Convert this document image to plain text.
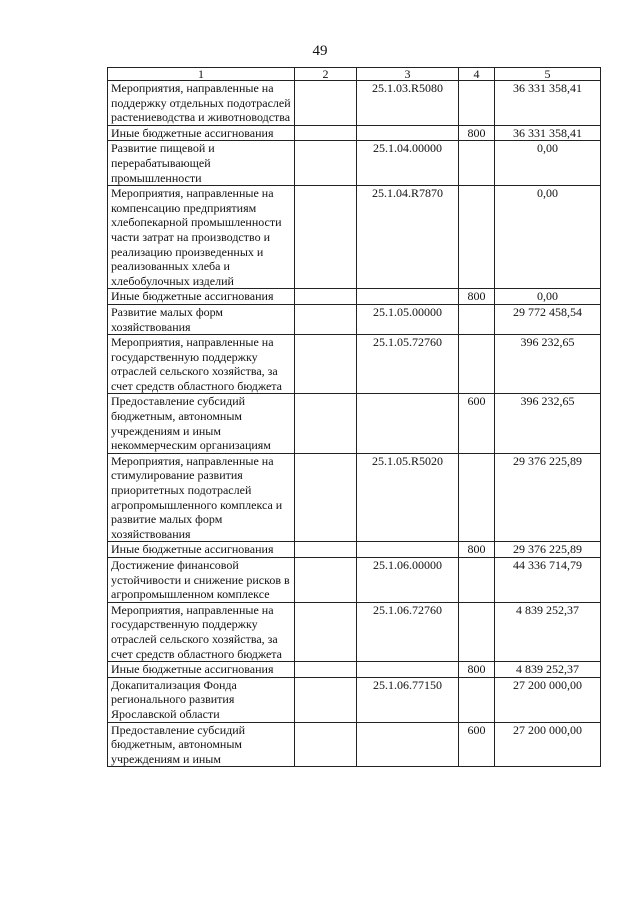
49
1	2	3	4	5
Мероприятия, направленные на поддержку отдельных подотраслей растениеводства и животноводства		25.1.03.R5080		36 331 358,41
Иные бюджетные ассигнования			800	36 331 358,41
Развитие пищевой и перерабатывающей промышленности		25.1.04.00000		0,00
Мероприятия, направленные на компенсацию предприятиям хлебопекарной промышленности части затрат на производство и реализацию произведенных и реализованных хлеба и хлебобулочных изделий		25.1.04.R7870		0,00
Иные бюджетные ассигнования			800	0,00
Развитие малых форм хозяйствования		25.1.05.00000		29 772 458,54
Мероприятия, направленные на государственную поддержку отраслей сельского хозяйства, за счет средств областного бюджета		25.1.05.72760		396 232,65
Предоставление субсидий бюджетным, автономным учреждениям и иным некоммерческим организациям			600	396 232,65
Мероприятия, направленные на стимулирование развития приоритетных подотраслей агропромышленного комплекса и развитие малых форм хозяйствования		25.1.05.R5020		29 376 225,89
Иные бюджетные ассигнования			800	29 376 225,89
Достижение финансовой устойчивости и снижение рисков в агропромышленном комплексе		25.1.06.00000		44 336 714,79
Мероприятия, направленные на государственную поддержку отраслей сельского хозяйства, за счет средств областного бюджета		25.1.06.72760		4 839 252,37
Иные бюджетные ассигнования			800	4 839 252,37
Докапитализация Фонда регионального развития Ярославской области		25.1.06.77150		27 200 000,00
Предоставление субсидий бюджетным, автономным учреждениям и иным			600	27 200 000,00
